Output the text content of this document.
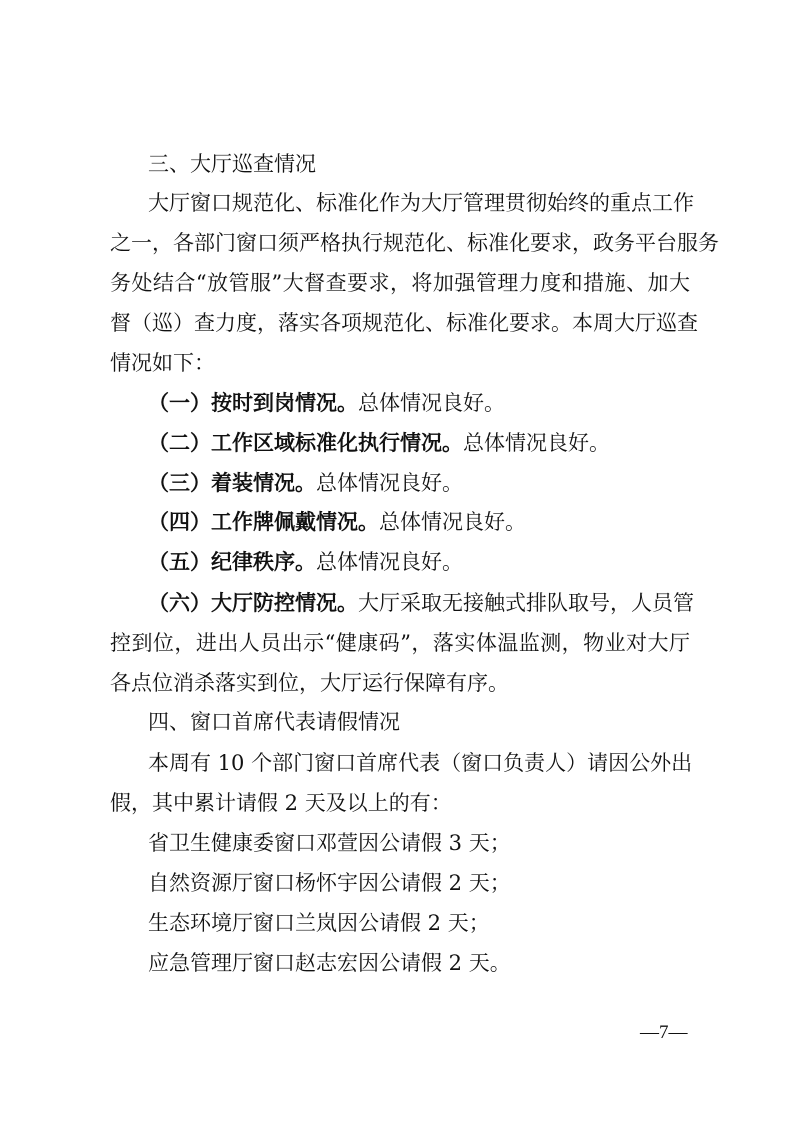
三、大厅巡查情况
大厅窗口规范化、标准化作为大厅管理贯彻始终的重点工作
之一，各部门窗口须严格执行规范化、标准化要求，政务平台服务
务处结合“放管服”大督查要求，将加强管理力度和措施、加大
督（巡）查力度，落实各项规范化、标准化要求。本周大厅巡查
情况如下：
（一）按时到岗情况。总体情况良好。
（二）工作区域标准化执行情况。总体情况良好。
（三）着装情况。总体情况良好。
（四）工作牌佩戴情况。总体情况良好。
（五）纪律秩序。总体情况良好。
（六）大厅防控情况。大厅采取无接触式排队取号，人员管
控到位，进出人员出示“健康码”，落实体温监测，物业对大厅
各点位消杀落实到位，大厅运行保障有序。
四、窗口首席代表请假情况
本周有 10 个部门窗口首席代表（窗口负责人）请因公外出
假，其中累计请假 2 天及以上的有：
省卫生健康委窗口邓萱因公请假 3 天；
自然资源厅窗口杨怀宇因公请假 2 天；
生态环境厅窗口兰岚因公请假 2 天；
应急管理厅窗口赵志宏因公请假 2 天。
—7—
